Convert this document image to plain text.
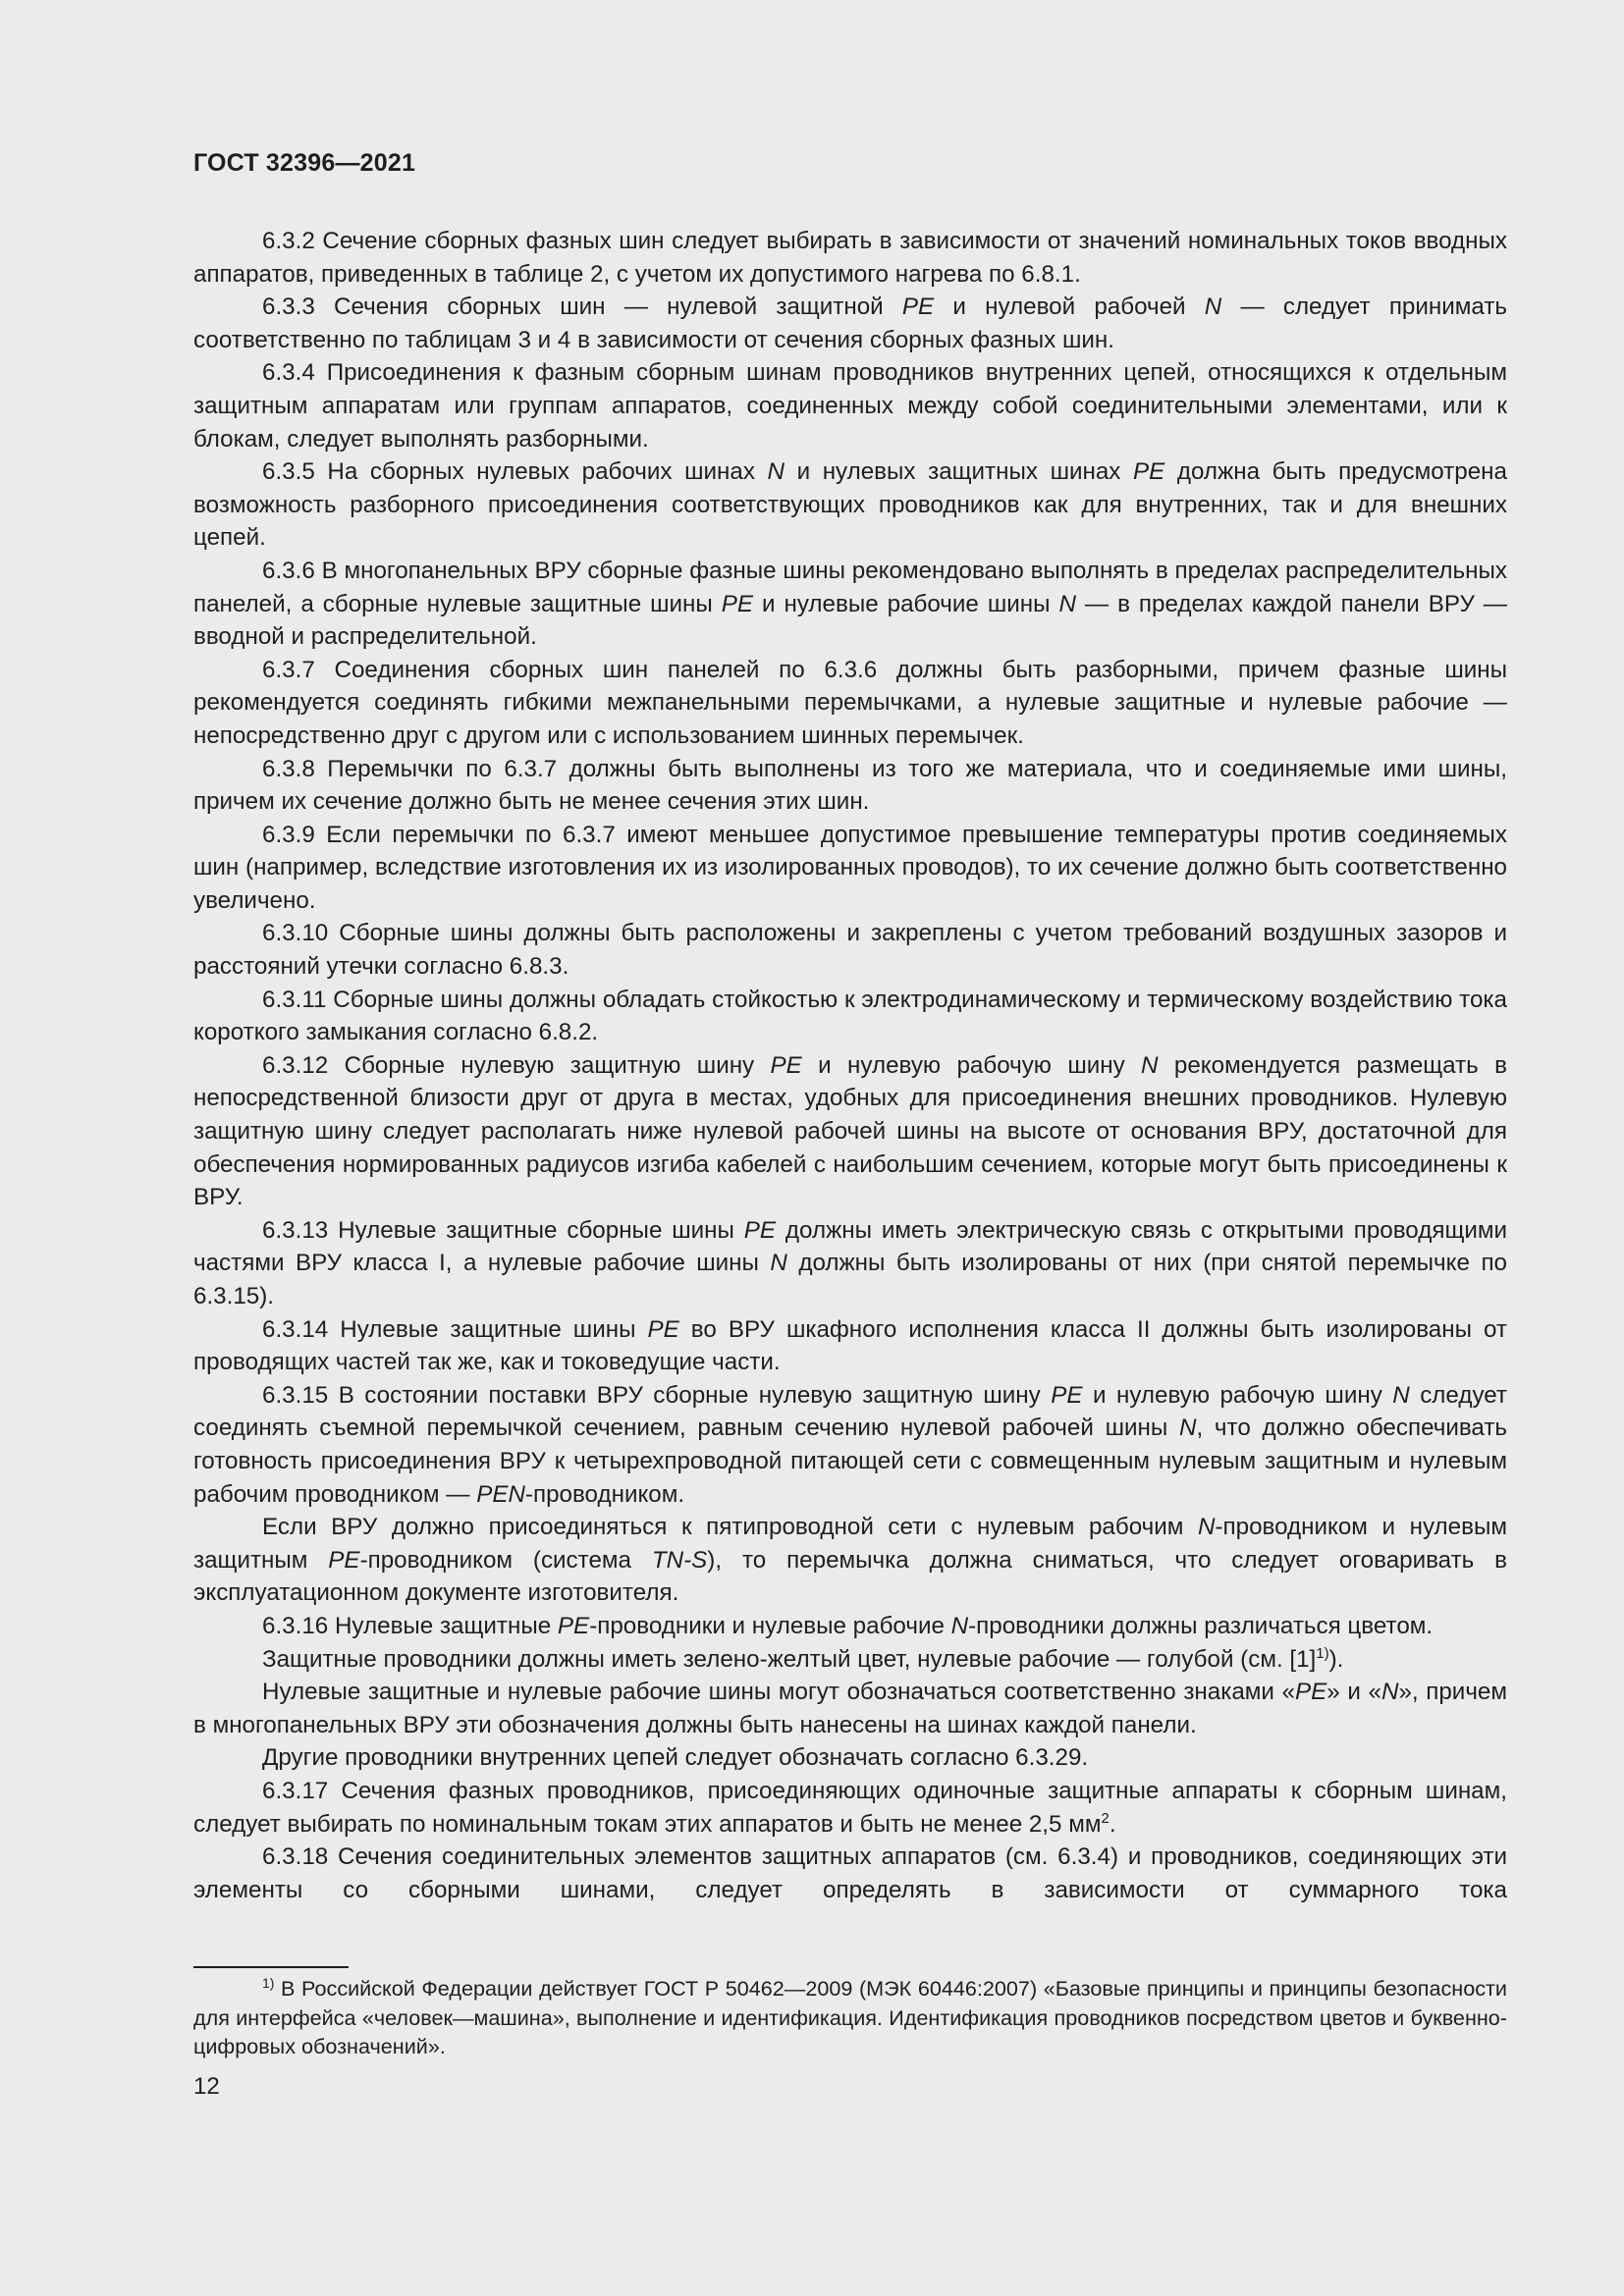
ГОСТ 32396—2021

6.3.2 Сечение сборных фазных шин следует выбирать в зависимости от значений номинальных токов вводных аппаратов, приведенных в таблице 2, с учетом их допустимого нагрева по 6.8.1.

6.3.3 Сечения сборных шин — нулевой защитной PE и нулевой рабочей N — следует принимать соответственно по таблицам 3 и 4 в зависимости от сечения сборных фазных шин.

6.3.4 Присоединения к фазным сборным шинам проводников внутренних цепей, относящихся к отдельным защитным аппаратам или группам аппаратов, соединенных между собой соединительными элементами, или к блокам, следует выполнять разборными.

6.3.5 На сборных нулевых рабочих шинах N и нулевых защитных шинах PE должна быть предусмотрена возможность разборного присоединения соответствующих проводников как для внутренних, так и для внешних цепей.

6.3.6 В многопанельных ВРУ сборные фазные шины рекомендовано выполнять в пределах распределительных панелей, а сборные нулевые защитные шины PE и нулевые рабочие шины N — в пределах каждой панели ВРУ — вводной и распределительной.

6.3.7 Соединения сборных шин панелей по 6.3.6 должны быть разборными, причем фазные шины рекомендуется соединять гибкими межпанельными перемычками, а нулевые защитные и нулевые рабочие — непосредственно друг с другом или с использованием шинных перемычек.

6.3.8 Перемычки по 6.3.7 должны быть выполнены из того же материала, что и соединяемые ими шины, причем их сечение должно быть не менее сечения этих шин.

6.3.9 Если перемычки по 6.3.7 имеют меньшее допустимое превышение температуры против соединяемых шин (например, вследствие изготовления их из изолированных проводов), то их сечение должно быть соответственно увеличено.

6.3.10 Сборные шины должны быть расположены и закреплены с учетом требований воздушных зазоров и расстояний утечки согласно 6.8.3.

6.3.11 Сборные шины должны обладать стойкостью к электродинамическому и термическому воздействию тока короткого замыкания согласно 6.8.2.

6.3.12 Сборные нулевую защитную шину PE и нулевую рабочую шину N рекомендуется размещать в непосредственной близости друг от друга в местах, удобных для присоединения внешних проводников. Нулевую защитную шину следует располагать ниже нулевой рабочей шины на высоте от основания ВРУ, достаточной для обеспечения нормированных радиусов изгиба кабелей с наибольшим сечением, которые могут быть присоединены к ВРУ.

6.3.13 Нулевые защитные сборные шины PE должны иметь электрическую связь с открытыми проводящими частями ВРУ класса I, а нулевые рабочие шины N должны быть изолированы от них (при снятой перемычке по 6.3.15).

6.3.14 Нулевые защитные шины PE во ВРУ шкафного исполнения класса II должны быть изолированы от проводящих частей так же, как и токоведущие части.

6.3.15 В состоянии поставки ВРУ сборные нулевую защитную шину PE и нулевую рабочую шину N следует соединять съемной перемычкой сечением, равным сечению нулевой рабочей шины N, что должно обеспечивать готовность присоединения ВРУ к четырехпроводной питающей сети с совмещенным нулевым защитным и нулевым рабочим проводником — PEN-проводником.

Если ВРУ должно присоединяться к пятипроводной сети с нулевым рабочим N-проводником и нулевым защитным PE-проводником (система TN-S), то перемычка должна сниматься, что следует оговаривать в эксплуатационном документе изготовителя.

6.3.16 Нулевые защитные PE-проводники и нулевые рабочие N-проводники должны различаться цветом.

Защитные проводники должны иметь зелено-желтый цвет, нулевые рабочие — голубой (см. $[1]^{1)}$).

Нулевые защитные и нулевые рабочие шины могут обозначаться соответственно знаками «PE» и «N», причем в многопанельных ВРУ эти обозначения должны быть нанесены на шинах каждой панели.

Другие проводники внутренних цепей следует обозначать согласно 6.3.29.

6.3.17 Сечения фазных проводников, присоединяющих одиночные защитные аппараты к сборным шинам, следует выбирать по номинальным токам этих аппаратов и быть не менее 2,5 $мм^2$.

6.3.18 Сечения соединительных элементов защитных аппаратов (см. 6.3.4) и проводников, соединяющих эти элементы со сборными шинами, следует определять в зависимости от суммарного тока

$^{1)}$ В Российской Федерации действует ГОСТ Р 50462—2009 (МЭК 60446:2007) «Базовые принципы и принципы безопасности для интерфейса «человек—машина», выполнение и идентификация. Идентификация проводников посредством цветов и буквенно-цифровых обозначений».
12
